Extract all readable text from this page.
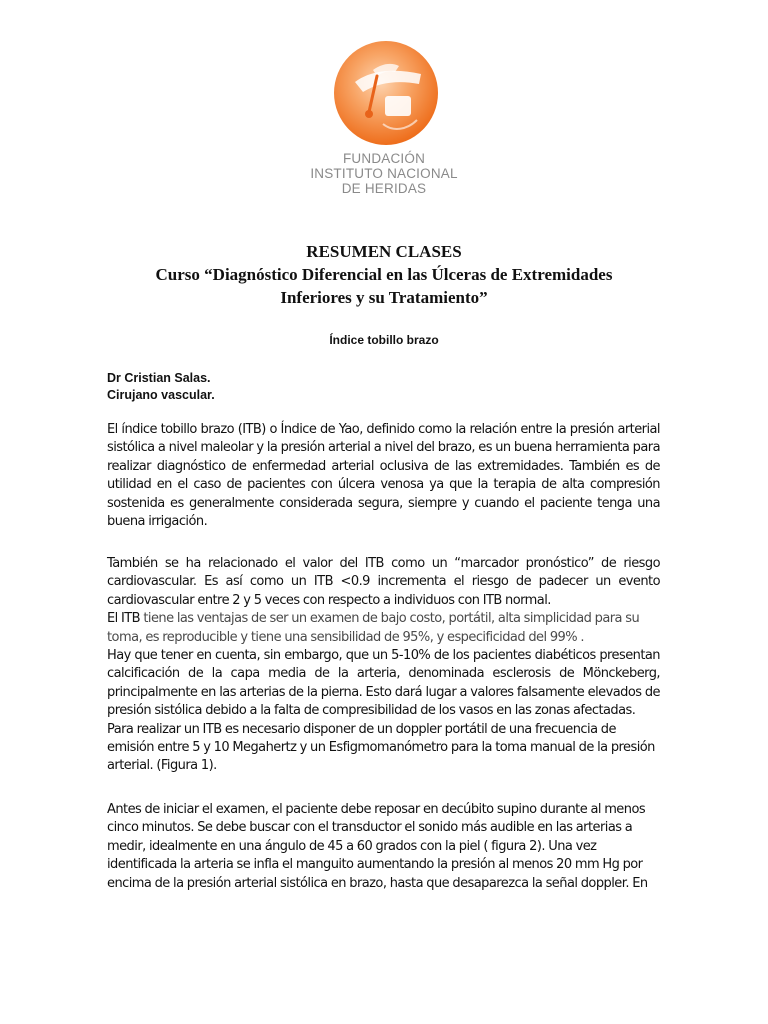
FUNDACIÓN
INSTITUTO NACIONAL
DE HERIDAS
RESUMEN CLASES
Curso “Diagnóstico Diferencial en las Úlceras de Extremidades
Inferiores y su Tratamiento”
Índice tobillo brazo
Dr Cristian Salas.
Cirujano vascular.

El índice tobillo brazo (ITB) o Índice de Yao, definido como la relación entre la presión arterial sistólica a nivel maleolar y la presión arterial a nivel del brazo, es un buena herramienta para realizar diagnóstico de enfermedad arterial oclusiva de las extremidades. También es de utilidad en el caso de pacientes con úlcera venosa ya que la terapia de alta compresión sostenida es generalmente considerada segura, siempre y cuando el paciente tenga una buena irrigación.

También se ha relacionado el valor del ITB como un “marcador pronóstico” de riesgo cardiovascular. Es así como un ITB <0.9 incrementa el riesgo de padecer un evento cardiovascular entre 2 y 5 veces con respecto a individuos con ITB normal.

El ITB tiene las ventajas de ser un examen de bajo costo, portátil, alta simplicidad para su toma, es reproducible y tiene una sensibilidad de 95%, y especificidad del 99% .

Hay que tener en cuenta, sin embargo, que un 5-10% de los pacientes diabéticos presentan calcificación de la capa media de la arteria, denominada esclerosis de Mönckeberg, principalmente en las arterias de la pierna. Esto dará lugar a valores falsamente elevados de presión sistólica debido a la falta de compresibilidad de los vasos en las zonas afectadas.

Para realizar un ITB es necesario disponer de un doppler portátil de una frecuencia de emisión entre 5 y 10 Megahertz y un Esfigmomanómetro para la toma manual de la presión arterial. (Figura 1).

Antes de iniciar el examen, el paciente debe reposar en decúbito supino durante al menos cinco minutos. Se debe buscar con el transductor el sonido más audible en las arterias a medir, idealmente en una ángulo de 45 a 60 grados con la piel ( figura 2). Una vez identificada la arteria se infla el manguito aumentando la presión al menos 20 mm Hg por encima de la presión arterial sistólica en brazo, hasta que desaparezca la señal doppler. En
